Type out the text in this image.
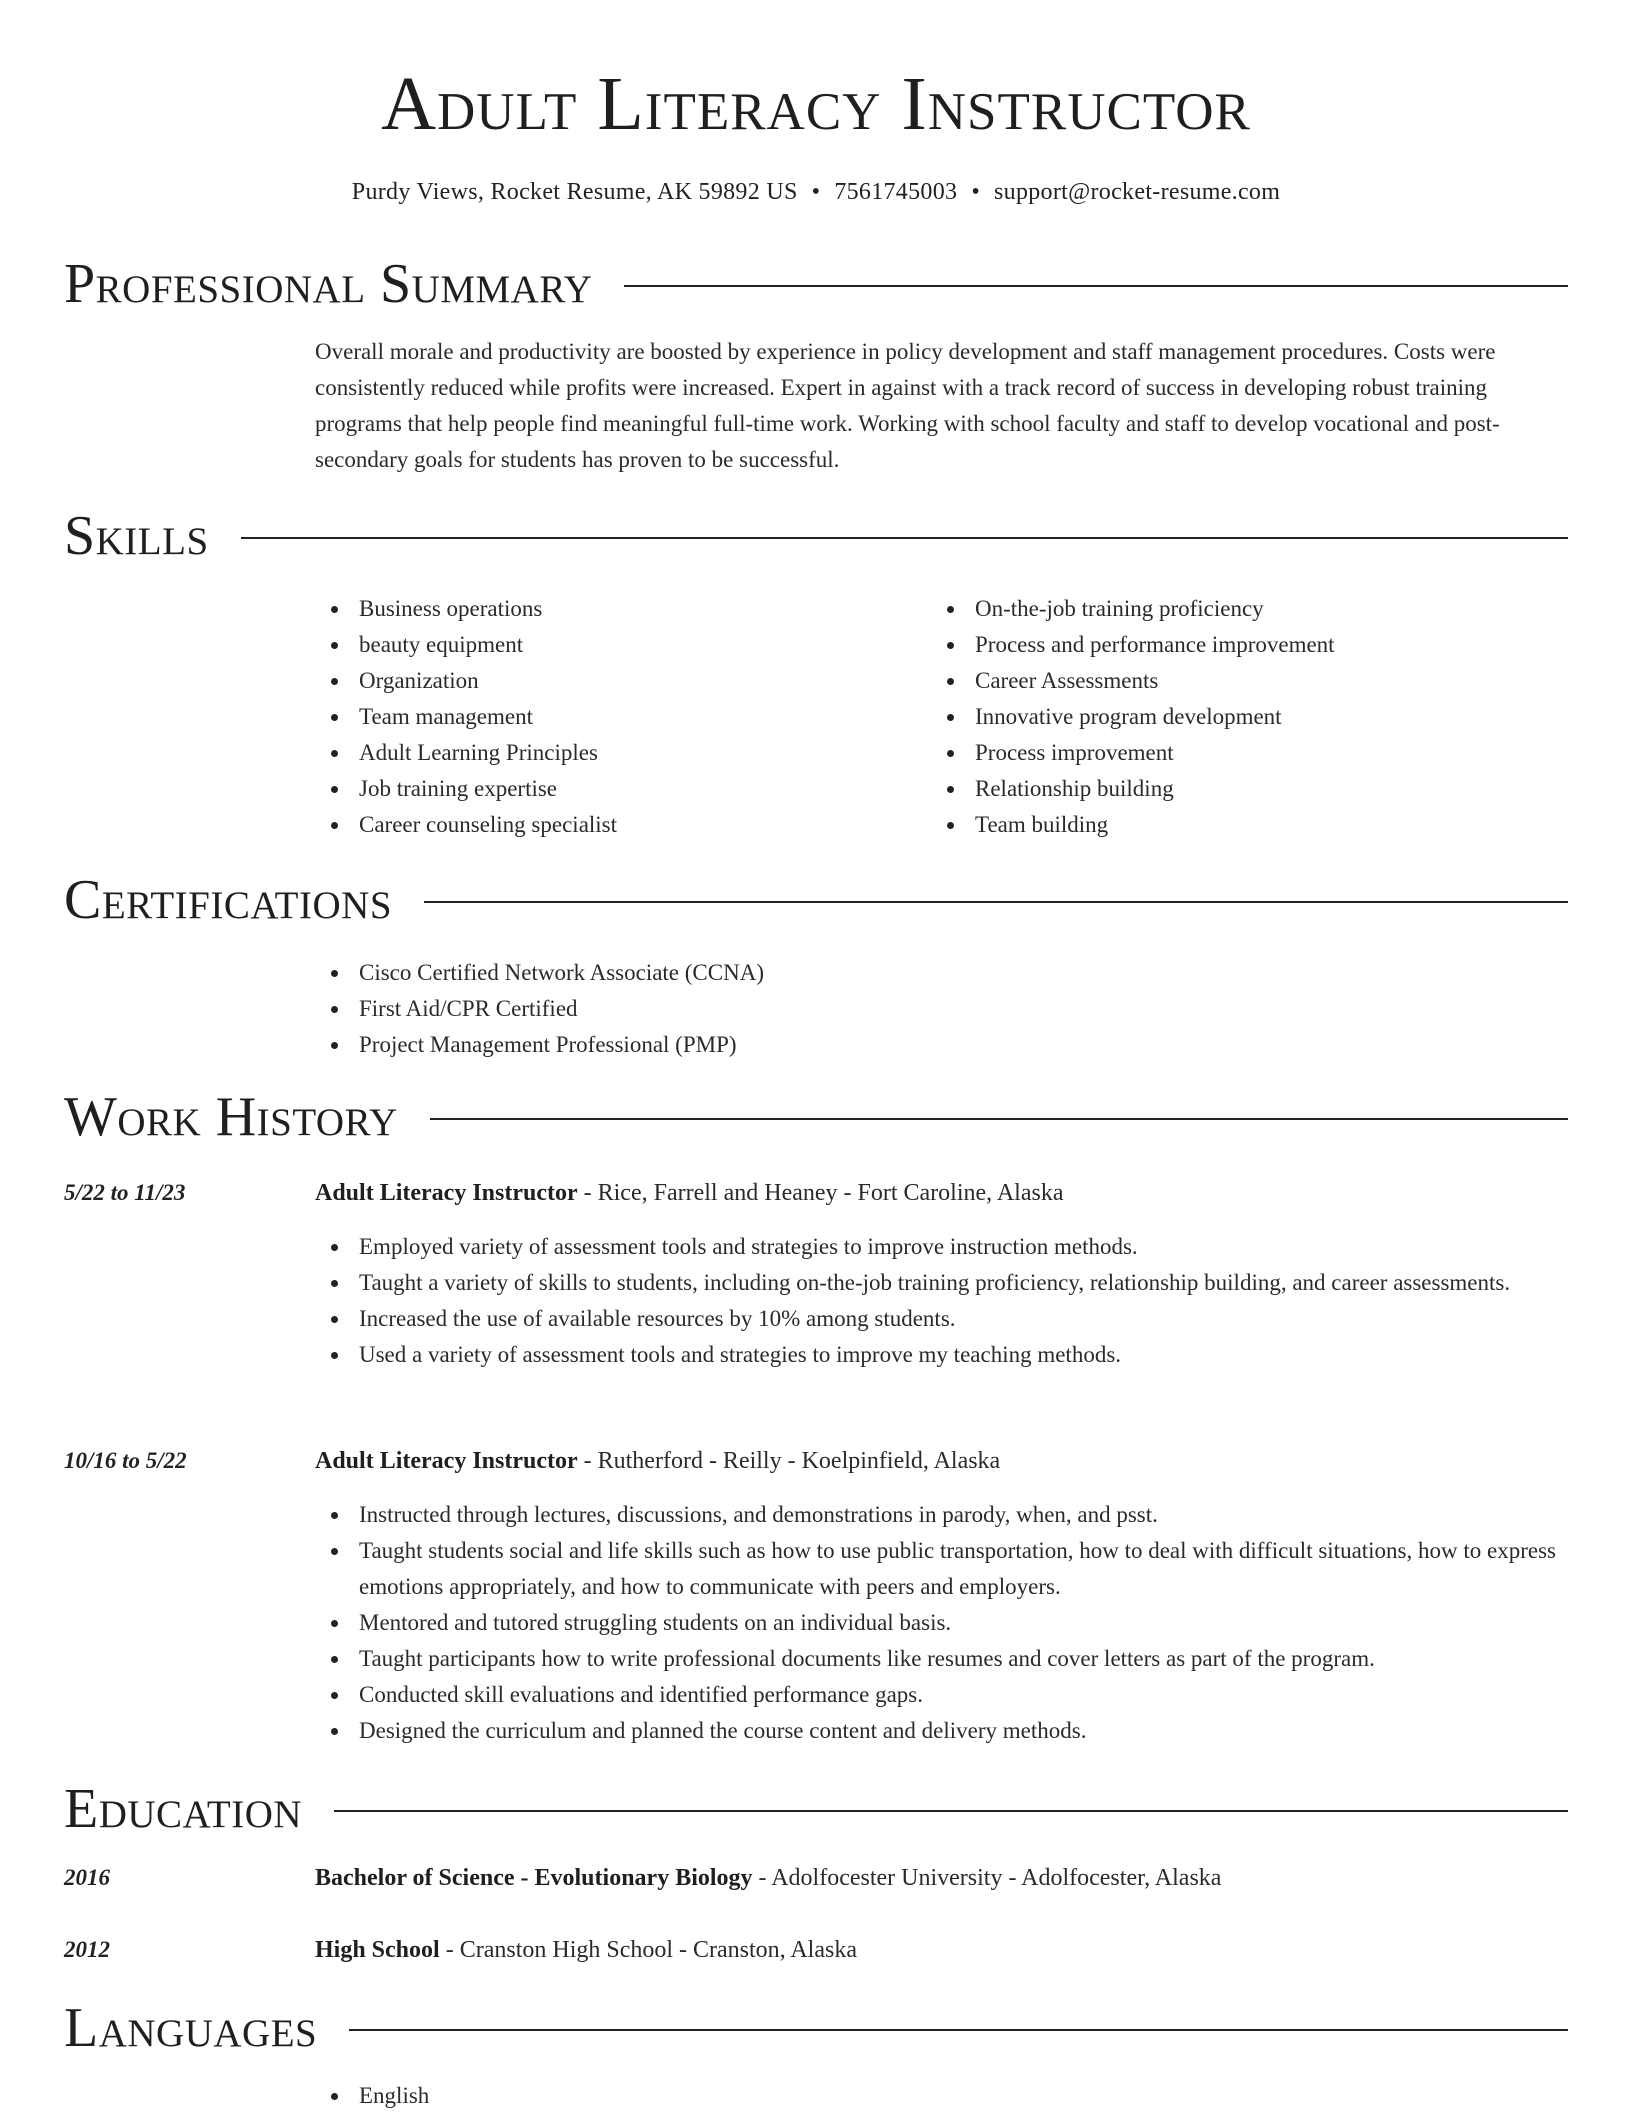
Adult Literacy Instructor
Purdy Views, Rocket Resume, AK 59892 US • 7561745003 • support@rocket-resume.com
Professional Summary
Overall morale and productivity are boosted by experience in policy development and staff management procedures. Costs were consistently reduced while profits were increased. Expert in against with a track record of success in developing robust training programs that help people find meaningful full-time work. Working with school faculty and staff to develop vocational and post-secondary goals for students has proven to be successful.
Skills
Business operations
beauty equipment
Organization
Team management
Adult Learning Principles
Job training expertise
Career counseling specialist
On-the-job training proficiency
Process and performance improvement
Career Assessments
Innovative program development
Process improvement
Relationship building
Team building
Certifications
Cisco Certified Network Associate (CCNA)
First Aid/CPR Certified
Project Management Professional (PMP)
Work History
5/22 to 11/23	Adult Literacy Instructor - Rice, Farrell and Heaney - Fort Caroline, Alaska
Employed variety of assessment tools and strategies to improve instruction methods.
Taught a variety of skills to students, including on-the-job training proficiency, relationship building, and career assessments.
Increased the use of available resources by 10% among students.
Used a variety of assessment tools and strategies to improve my teaching methods.
10/16 to 5/22	Adult Literacy Instructor - Rutherford - Reilly - Koelpinfield, Alaska
Instructed through lectures, discussions, and demonstrations in parody, when, and psst.
Taught students social and life skills such as how to use public transportation, how to deal with difficult situations, how to express emotions appropriately, and how to communicate with peers and employers.
Mentored and tutored struggling students on an individual basis.
Taught participants how to write professional documents like resumes and cover letters as part of the program.
Conducted skill evaluations and identified performance gaps.
Designed the curriculum and planned the course content and delivery methods.
Education
2016	Bachelor of Science - Evolutionary Biology - Adolfocester University - Adolfocester, Alaska
2012	High School - Cranston High School - Cranston, Alaska
Languages
English
